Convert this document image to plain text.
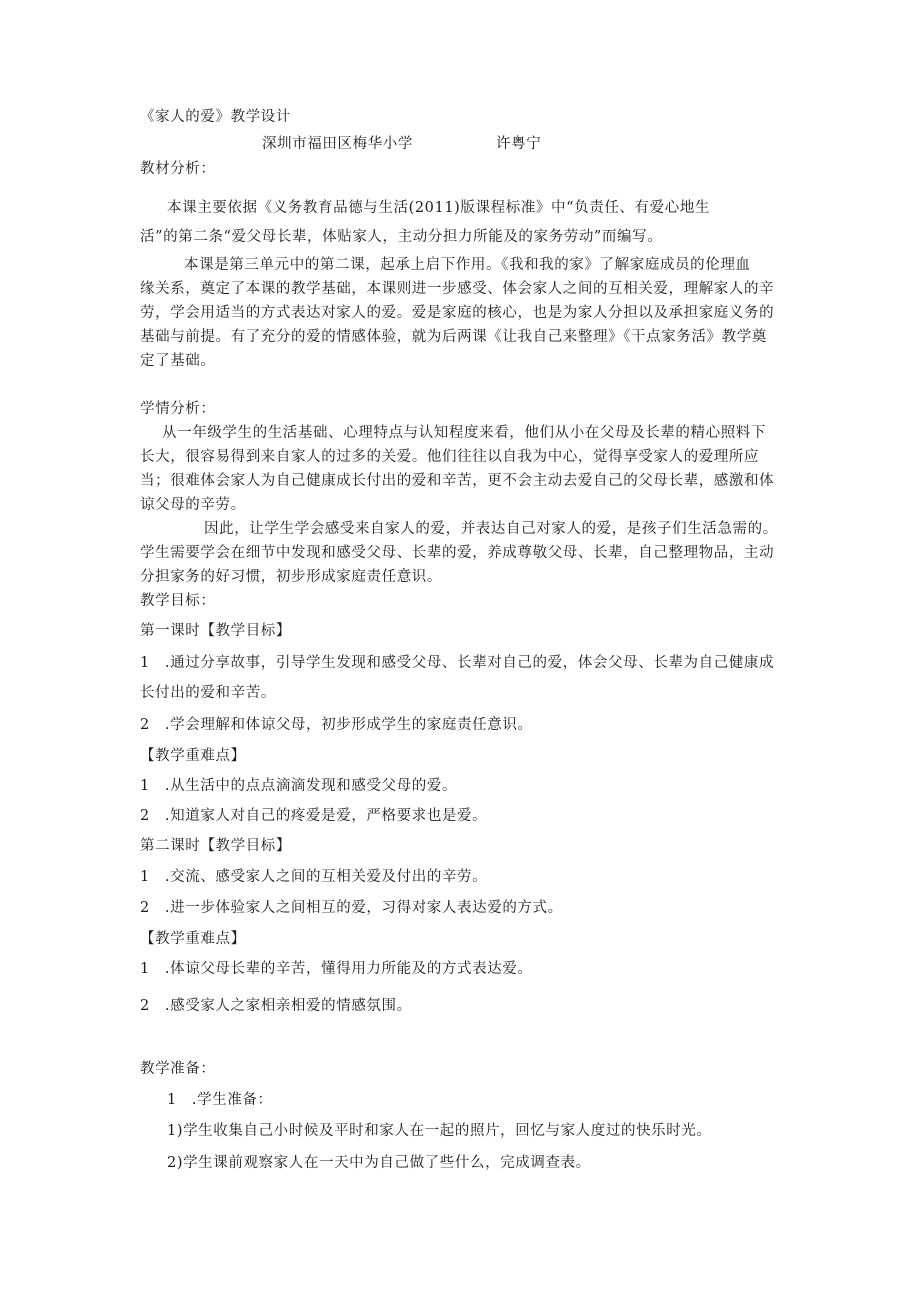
《家人的爱》教学设计
深圳市福田区梅华小学	许粤宁
教材分析：
本课主要依据《义务教育品德与生活(2011)版课程标准》中“负责任、有爱心地生
活”的第二条“爱父母长辈，体贴家人，主动分担力所能及的家务劳动”而编写。
本课是第三单元中的第二课，起承上启下作用。《我和我的家》了解家庭成员的伦理血
缘关系，奠定了本课的教学基础，本课则进一步感受、体会家人之间的互相关爱，理解家人的辛
劳，学会用适当的方式表达对家人的爱。爱是家庭的核心，也是为家人分担以及承担家庭义务的
基础与前提。有了充分的爱的情感体验，就为后两课《让我自己来整理》《干点家务活》教学奠
定了基础。
学情分析：
从一年级学生的生活基础、心理特点与认知程度来看，他们从小在父母及长辈的精心照料下
长大，很容易得到来自家人的过多的关爱。他们往往以自我为中心，觉得享受家人的爱理所应
当；很难体会家人为自己健康成长付出的爱和辛苦，更不会主动去爱自己的父母长辈，感激和体
谅父母的辛劳。
因此，让学生学会感受来自家人的爱，并表达自己对家人的爱，是孩子们生活急需的。
学生需要学会在细节中发现和感受父母、长辈的爱，养成尊敬父母、长辈，自己整理物品，主动
分担家务的好习惯，初步形成家庭责任意识。
教学目标：
第一课时【教学目标】
1　.通过分享故事，引导学生发现和感受父母、长辈对自己的爱，体会父母、长辈为自己健康成
长付出的爱和辛苦。
2　.学会理解和体谅父母，初步形成学生的家庭责任意识。
【教学重难点】
1　.从生活中的点点滴滴发现和感受父母的爱。
2　.知道家人对自己的疼爱是爱，严格要求也是爱。
第二课时【教学目标】
1　.交流、感受家人之间的互相关爱及付出的辛劳。
2　.进一步体验家人之间相互的爱，习得对家人表达爱的方式。
【教学重难点】
1　.体谅父母长辈的辛苦，懂得用力所能及的方式表达爱。
2　.感受家人之家相亲相爱的情感氛围。
教学准备：
1　.学生准备：
1)学生收集自己小时候及平时和家人在一起的照片，回忆与家人度过的快乐时光。
2)学生课前观察家人在一天中为自己做了些什么，完成调查表。
